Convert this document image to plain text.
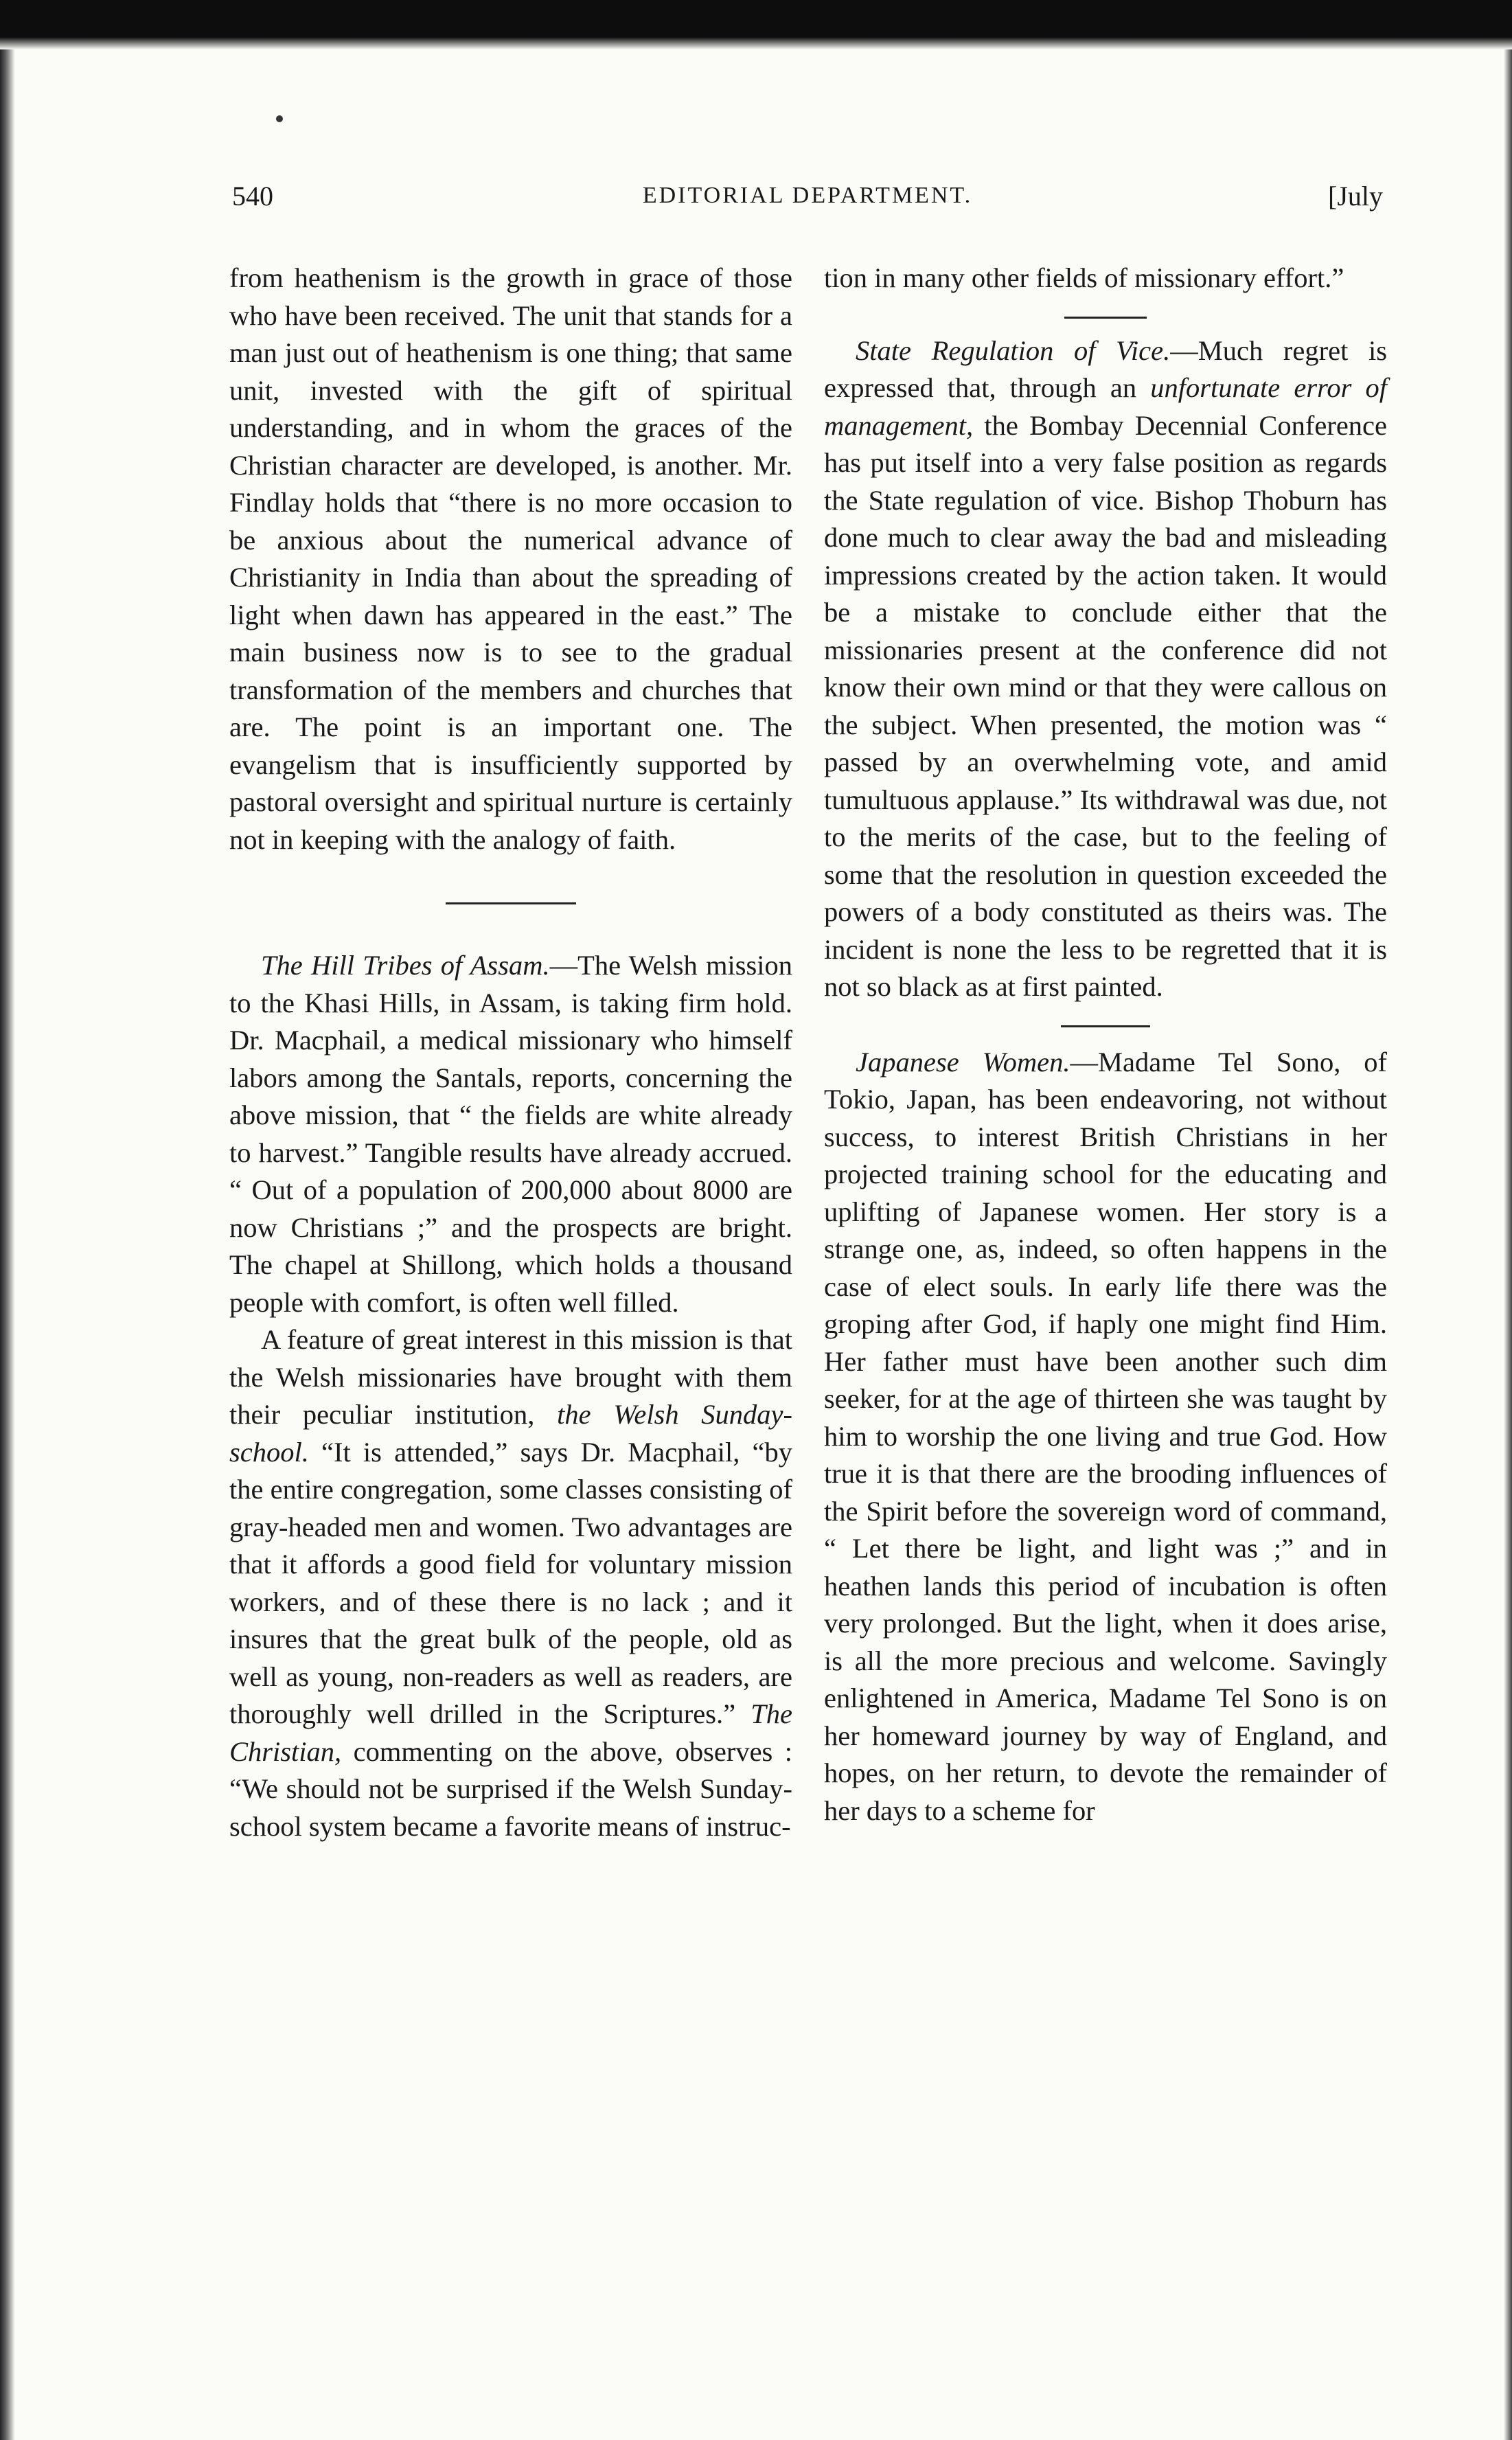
540	EDITORIAL DEPARTMENT.	[July

from heathenism is the growth in grace of those who have been received. The unit that stands for a man just out of heathenism is one thing; that same unit, invested with the gift of spiritual understanding, and in whom the graces of the Christian character are developed, is another. Mr. Findlay holds that “there is no more occasion to be anxious about the numerical advance of Christianity in India than about the spreading of light when dawn has appeared in the east.” The main business now is to see to the gradual transformation of the members and churches that are. The point is an important one. The evangelism that is insufficiently supported by pastoral oversight and spiritual nurture is certainly not in keeping with the analogy of faith.

The Hill Tribes of Assam.—The Welsh mission to the Khasi Hills, in Assam, is taking firm hold. Dr. Macphail, a medical missionary who himself labors among the Santals, reports, concerning the above mission, that “ the fields are white already to harvest.” Tangible results have already accrued. “ Out of a population of 200,000 about 8000 are now Christians ;” and the prospects are bright. The chapel at Shillong, which holds a thousand people with comfort, is often well filled.

A feature of great interest in this mission is that the Welsh missionaries have brought with them their peculiar institution, the Welsh Sunday-school. “It is attended,” says Dr. Macphail, “by the entire congregation, some classes consisting of gray-headed men and women. Two advantages are that it affords a good field for voluntary mission workers, and of these there is no lack ; and it insures that the great bulk of the people, old as well as young, non-readers as well as readers, are thoroughly well drilled in the Scriptures.” The Christian, commenting on the above, observes : “We should not be surprised if the Welsh Sunday-school system became a favorite means of instruc-

tion in many other fields of missionary effort.”

State Regulation of Vice.—Much regret is expressed that, through an unfortunate error of management, the Bombay Decennial Conference has put itself into a very false position as regards the State regulation of vice. Bishop Thoburn has done much to clear away the bad and misleading impressions created by the action taken. It would be a mistake to conclude either that the missionaries present at the conference did not know their own mind or that they were callous on the subject. When presented, the motion was “ passed by an overwhelming vote, and amid tumultuous applause.” Its withdrawal was due, not to the merits of the case, but to the feeling of some that the resolution in question exceeded the powers of a body constituted as theirs was. The incident is none the less to be regretted that it is not so black as at first painted.

Japanese Women.—Madame Tel Sono, of Tokio, Japan, has been endeavoring, not without success, to interest British Christians in her projected training school for the educating and uplifting of Japanese women. Her story is a strange one, as, indeed, so often happens in the case of elect souls. In early life there was the groping after God, if haply one might find Him. Her father must have been another such dim seeker, for at the age of thirteen she was taught by him to worship the one living and true God. How true it is that there are the brooding influences of the Spirit before the sovereign word of command, “ Let there be light, and light was ;” and in heathen lands this period of incubation is often very prolonged. But the light, when it does arise, is all the more precious and welcome. Savingly enlightened in America, Madame Tel Sono is on her homeward journey by way of England, and hopes, on her return, to devote the remainder of her days to a scheme for
